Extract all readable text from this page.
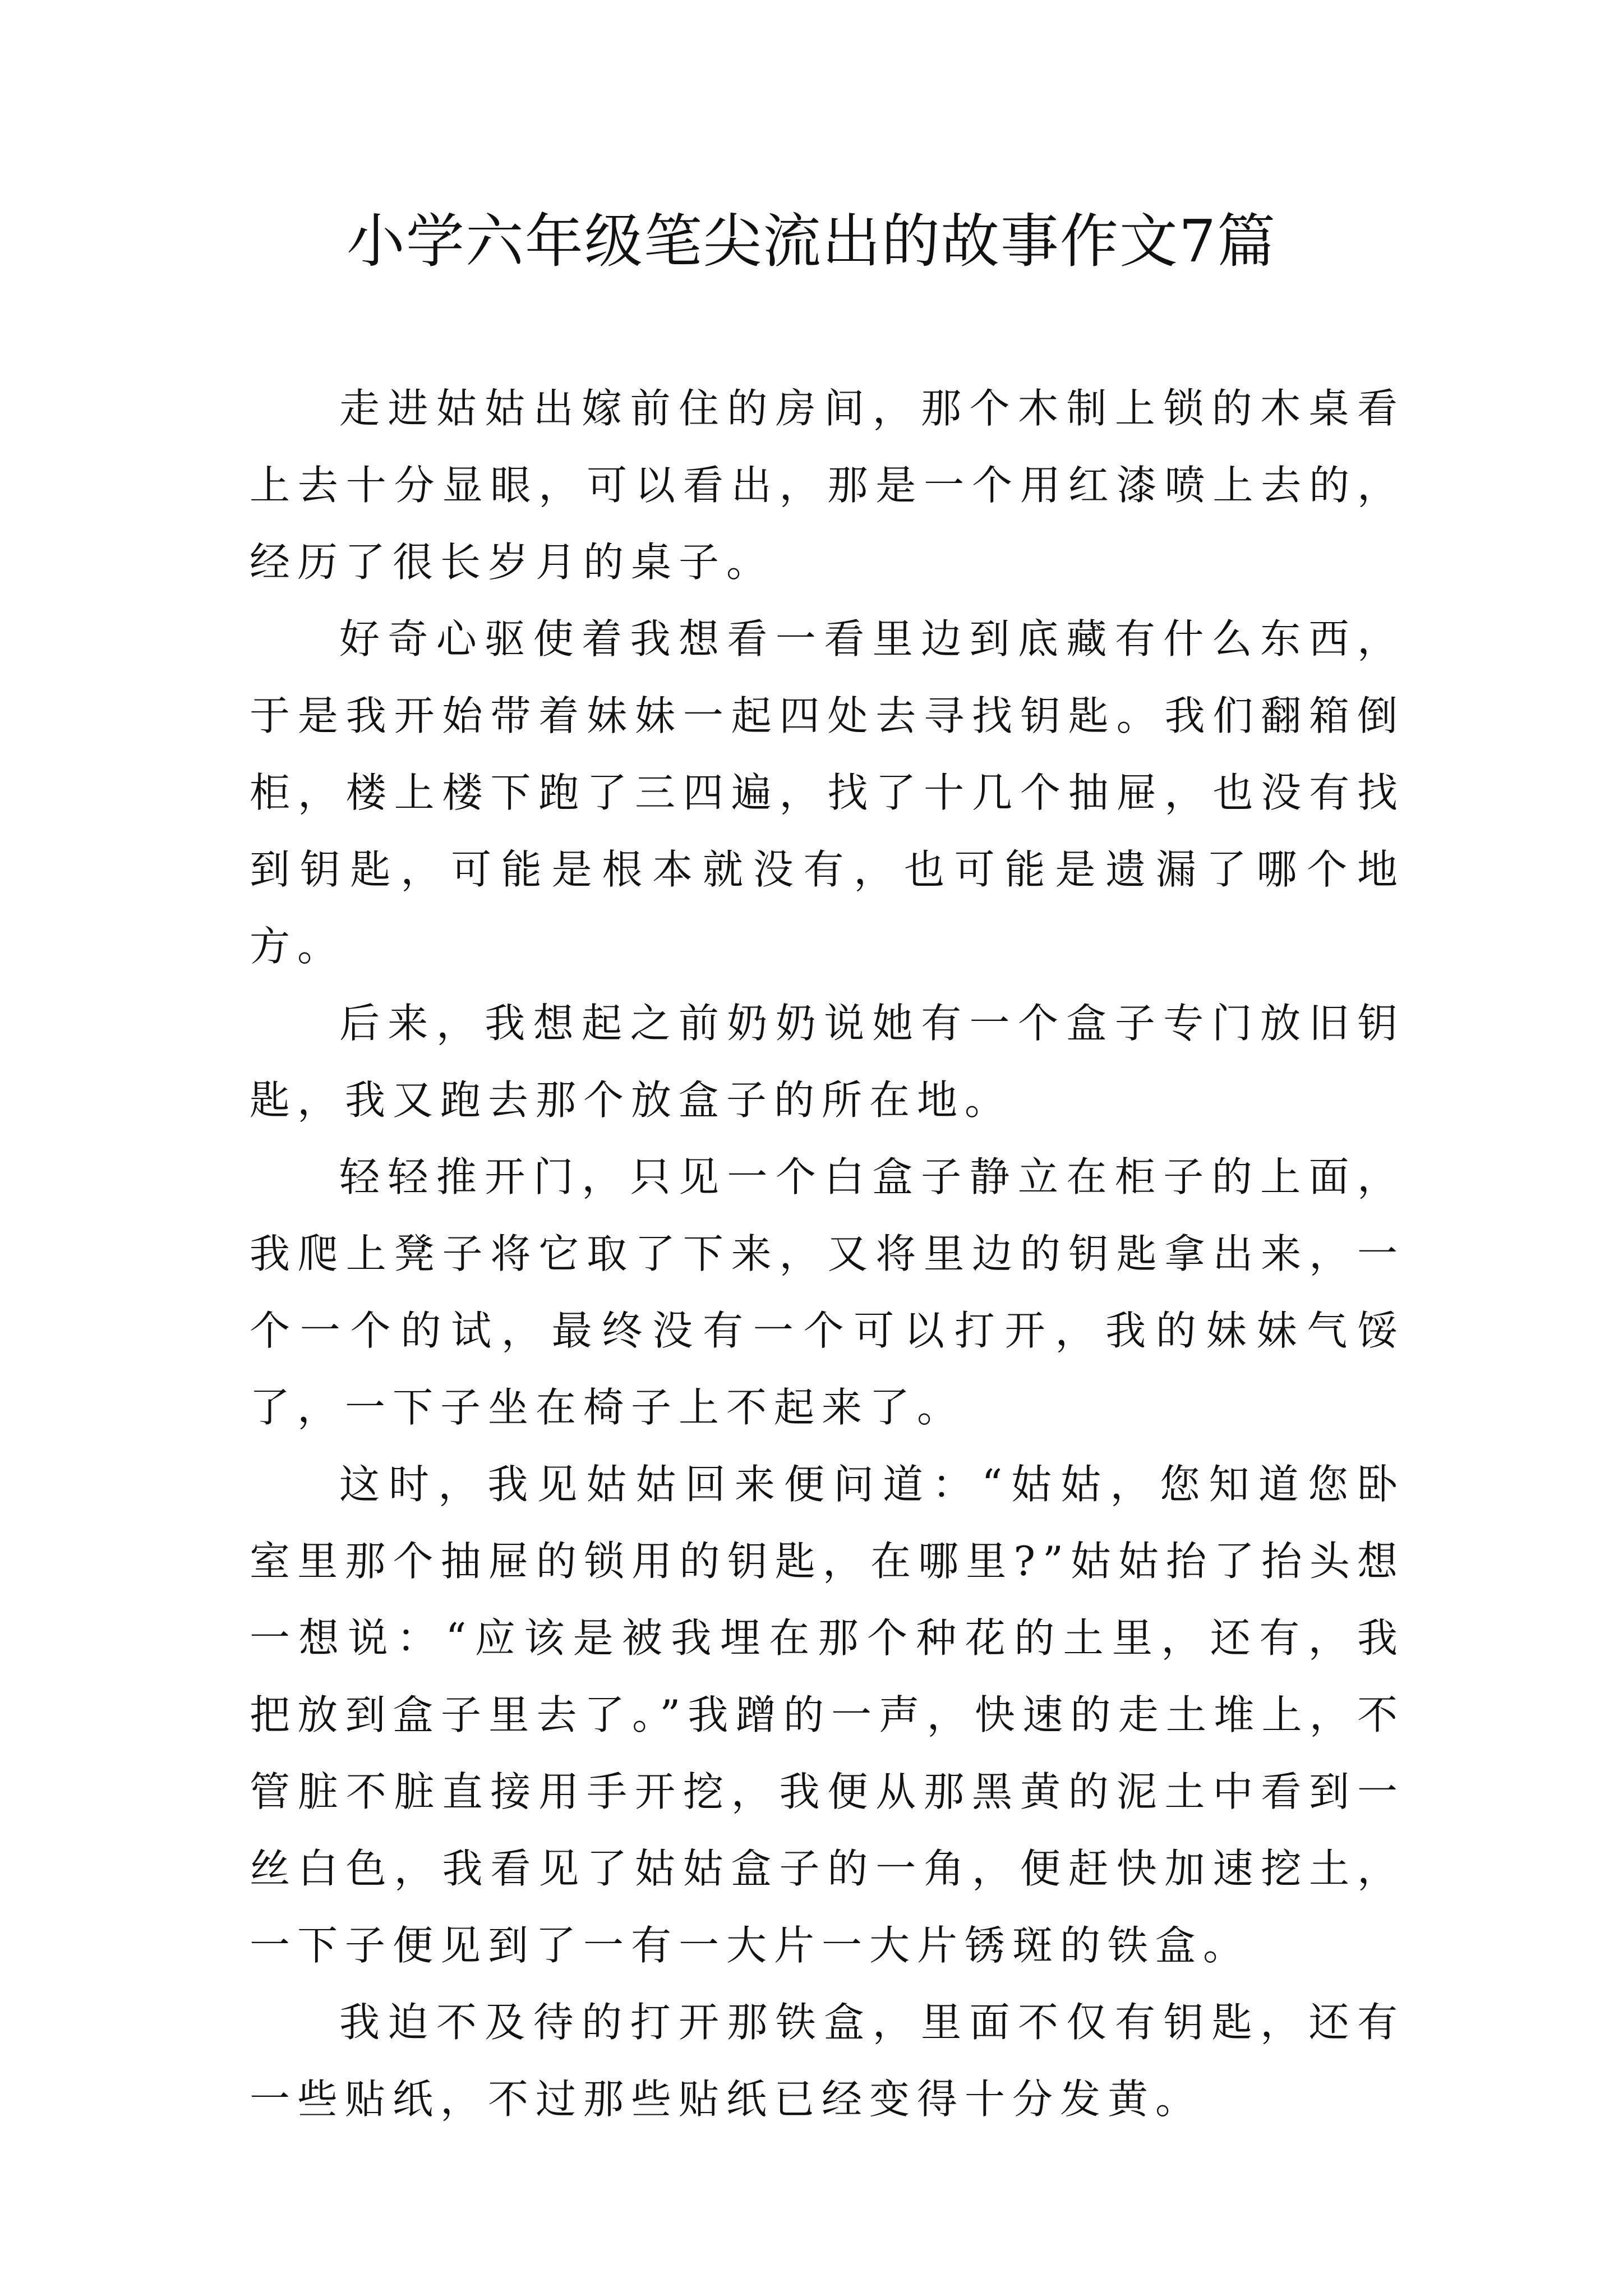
小学六年级笔尖流出的故事作文7篇

走进姑姑出嫁前住的房间，那个木制上锁的木桌看上去十分显眼，可以看出，那是一个用红漆喷上去的，经历了很长岁月的桌子。

好奇心驱使着我想看一看里边到底藏有什么东西，于是我开始带着妹妹一起四处去寻找钥匙。我们翻箱倒柜，楼上楼下跑了三四遍，找了十几个抽屉，也没有找到钥匙，可能是根本就没有，也可能是遗漏了哪个地方。

后来，我想起之前奶奶说她有一个盒子专门放旧钥匙，我又跑去那个放盒子的所在地。

轻轻推开门，只见一个白盒子静立在柜子的上面，我爬上凳子将它取了下来，又将里边的钥匙拿出来，一个一个的试，最终没有一个可以打开，我的妹妹气馁了，一下子坐在椅子上不起来了。

这时，我见姑姑回来便问道：“姑姑，您知道您卧室里那个抽屉的锁用的钥匙，在哪里?”姑姑抬了抬头想一想说：“应该是被我埋在那个种花的土里，还有，我把放到盒子里去了。”我蹭的一声，快速的走土堆上，不管脏不脏直接用手开挖，我便从那黑黄的泥土中看到一丝白色，我看见了姑姑盒子的一角，便赶快加速挖土，一下子便见到了一有一大片一大片锈斑的铁盒。

我迫不及待的打开那铁盒，里面不仅有钥匙，还有一些贴纸，不过那些贴纸已经变得十分发黄。
